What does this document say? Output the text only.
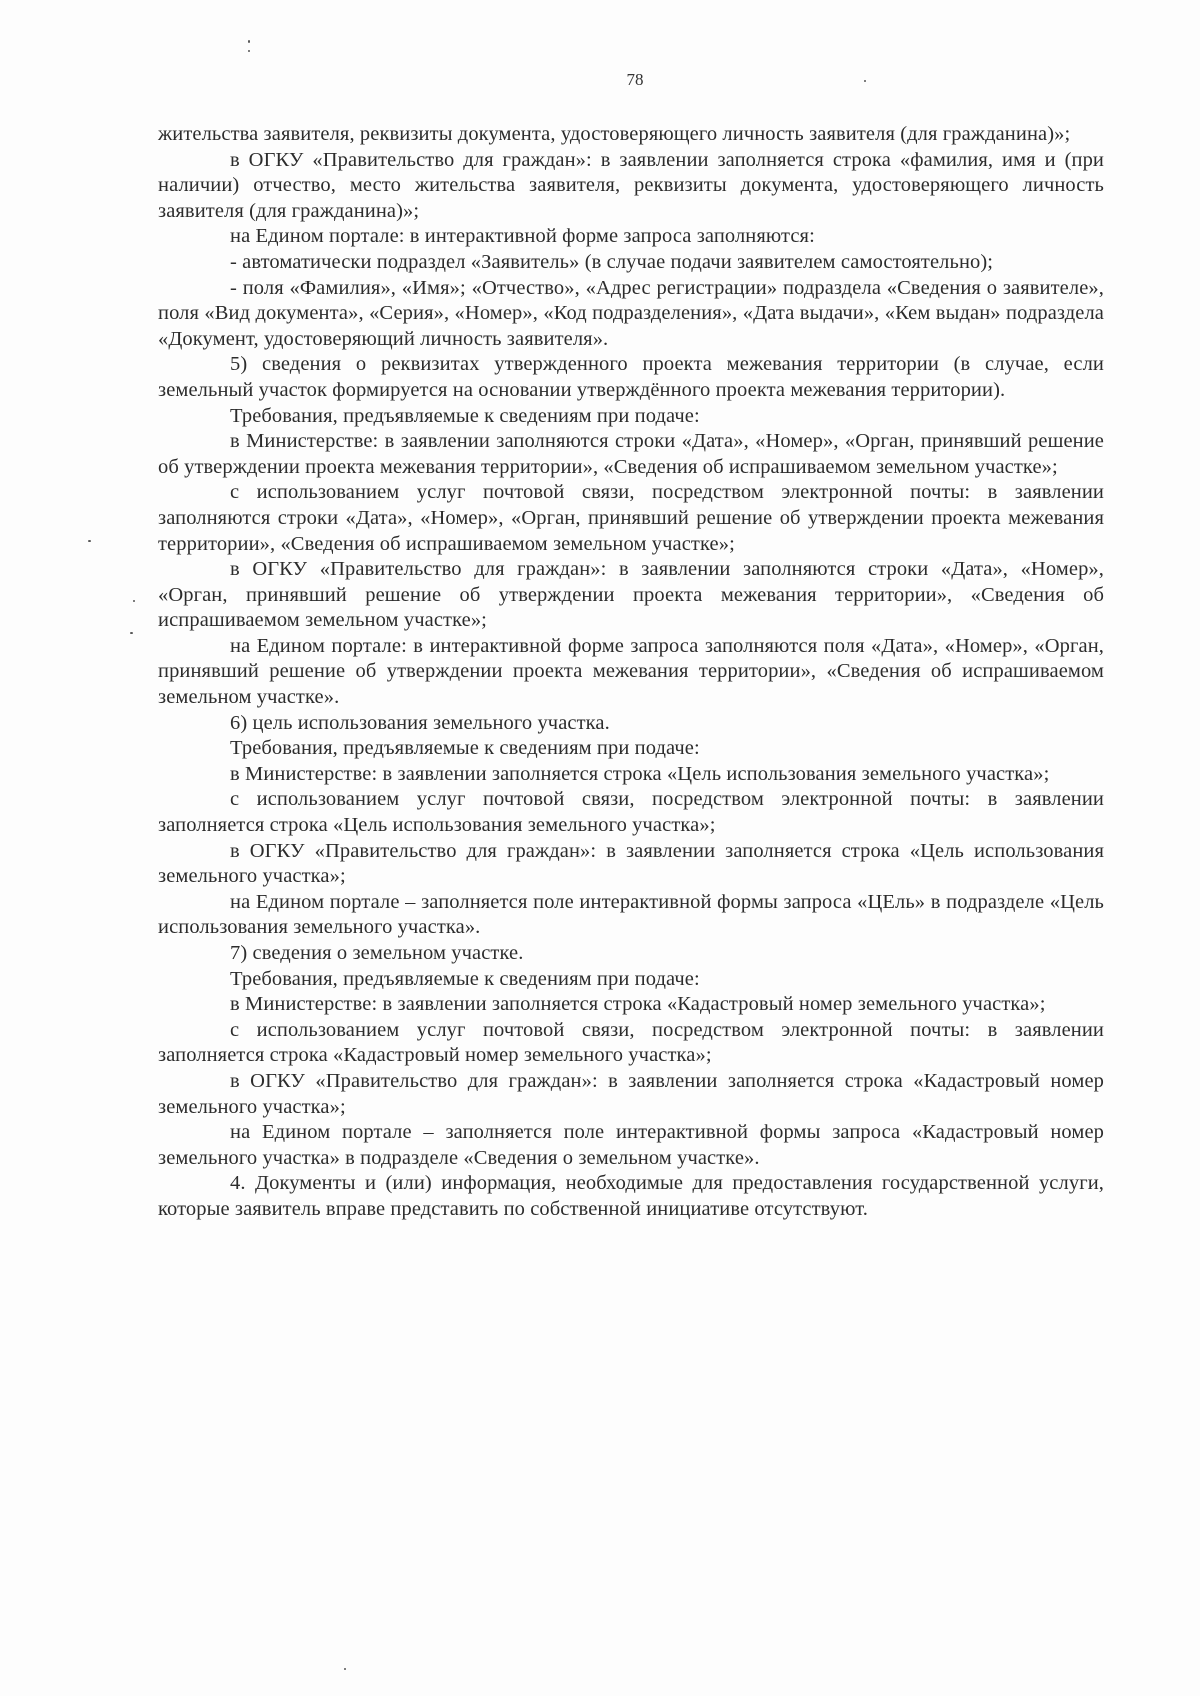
78

жительства заявителя, реквизиты документа, удостоверяющего личность заявителя (для гражданина)»;

в ОГКУ «Правительство для граждан»: в заявлении заполняется строка «фамилия, имя и (при наличии) отчество, место жительства заявителя, реквизиты документа, удостоверяющего личность заявителя (для гражданина)»;

на Едином портале: в интерактивной форме запроса заполняются:

- автоматически подраздел «Заявитель» (в случае подачи заявителем самостоятельно);

- поля «Фамилия», «Имя»; «Отчество», «Адрес регистрации» подраздела «Сведения о заявителе», поля «Вид документа», «Серия», «Номер», «Код подразделения», «Дата выдачи», «Кем выдан» подраздела «Документ, удостоверяющий личность заявителя».

5) сведения о реквизитах утвержденного проекта межевания территории (в случае, если земельный участок формируется на основании утверждённого проекта межевания территории).

Требования, предъявляемые к сведениям при подаче:

в Министерстве: в заявлении заполняются строки «Дата», «Номер», «Орган, принявший решение об утверждении проекта межевания территории», «Сведения об испрашиваемом земельном участке»;

с использованием услуг почтовой связи, посредством электронной почты: в заявлении заполняются строки «Дата», «Номер», «Орган, принявший решение об утверждении проекта межевания территории», «Сведения об испрашиваемом земельном участке»;

в ОГКУ «Правительство для граждан»: в заявлении заполняются строки «Дата», «Номер», «Орган, принявший решение об утверждении проекта межевания территории», «Сведения об испрашиваемом земельном участке»;

на Едином портале: в интерактивной форме запроса заполняются поля «Дата», «Номер», «Орган, принявший решение об утверждении проекта межевания территории», «Сведения об испрашиваемом земельном участке».

6) цель использования земельного участка.

Требования, предъявляемые к сведениям при подаче:

в Министерстве: в заявлении заполняется строка «Цель использования земельного участка»;

с использованием услуг почтовой связи, посредством электронной почты: в заявлении заполняется строка «Цель использования земельного участка»;

в ОГКУ «Правительство для граждан»: в заявлении заполняется строка «Цель использования земельного участка»;

на Едином портале – заполняется поле интерактивной формы запроса «ЦЕль» в подразделе «Цель использования земельного участка».

7) сведения о земельном участке.

Требования, предъявляемые к сведениям при подаче:

в Министерстве: в заявлении заполняется строка «Кадастровый номер земельного участка»;

с использованием услуг почтовой связи, посредством электронной почты: в заявлении заполняется строка «Кадастровый номер земельного участка»;

в ОГКУ «Правительство для граждан»: в заявлении заполняется строка «Кадастровый номер земельного участка»;

на Едином портале – заполняется поле интерактивной формы запроса «Кадастровый номер земельного участка» в подразделе «Сведения о земельном участке».

4. Документы и (или) информация, необходимые для предоставления государственной услуги, которые заявитель вправе представить по собственной инициативе отсутствуют.
